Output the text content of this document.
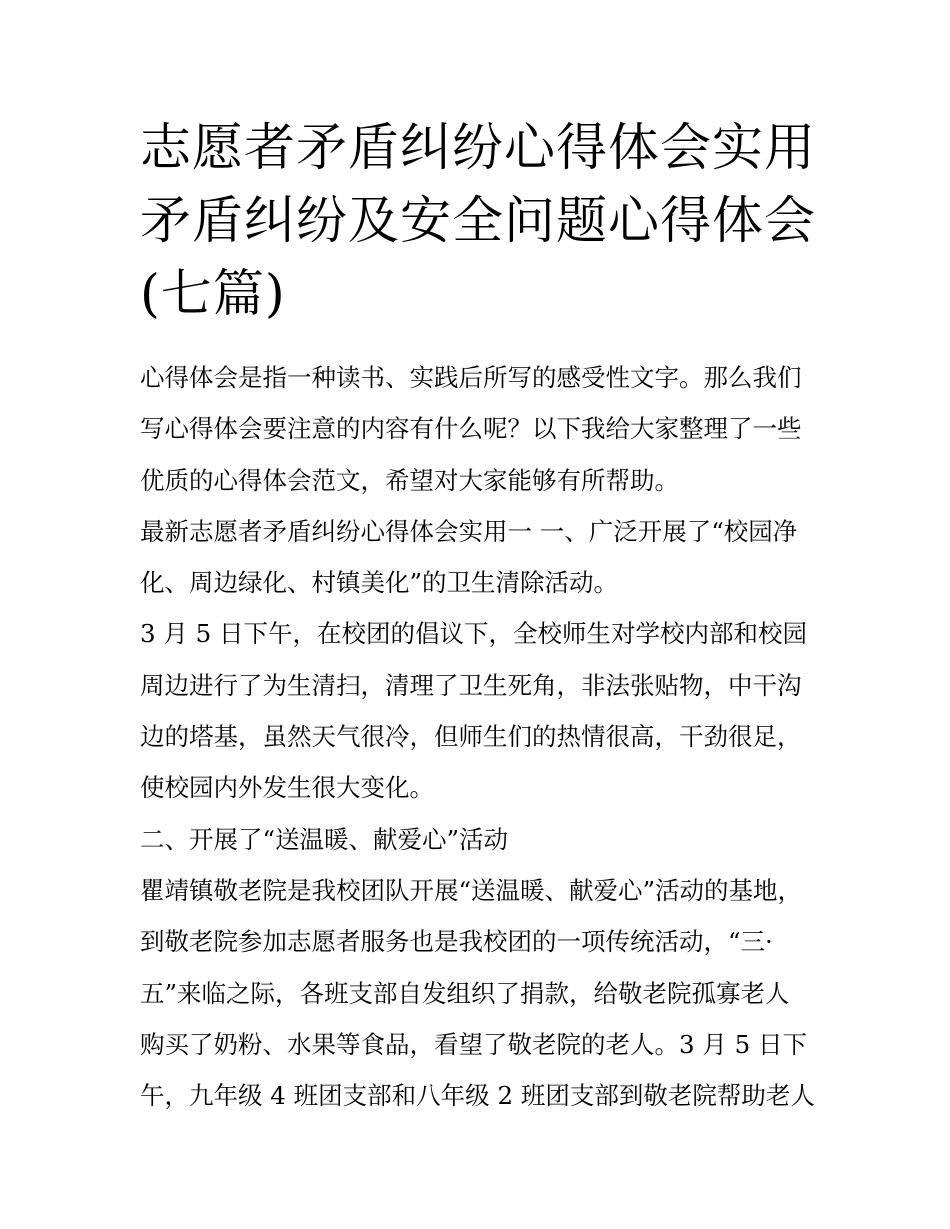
志愿者矛盾纠纷心得体会实用
矛盾纠纷及安全问题心得体会
(七篇)
心得体会是指一种读书、实践后所写的感受性文字。那么我们
写心得体会要注意的内容有什么呢？以下我给大家整理了一些
优质的心得体会范文，希望对大家能够有所帮助。
最新志愿者矛盾纠纷心得体会实用一 一、广泛开展了“校园净
化、周边绿化、村镇美化”的卫生清除活动。
3 月 5 日下午，在校团的倡议下，全校师生对学校内部和校园
周边进行了为生清扫，清理了卫生死角，非法张贴物，中干沟
边的塔基，虽然天气很冷，但师生们的热情很高，干劲很足，
使校园内外发生很大变化。
二、开展了“送温暖、献爱心”活动
瞿靖镇敬老院是我校团队开展“送温暖、献爱心”活动的基地，
到敬老院参加志愿者服务也是我校团的一项传统活动，“三·
五”来临之际，各班支部自发组织了捐款，给敬老院孤寡老人
购买了奶粉、水果等食品，看望了敬老院的老人。3 月 5 日下
午，九年级 4 班团支部和八年级 2 班团支部到敬老院帮助老人
